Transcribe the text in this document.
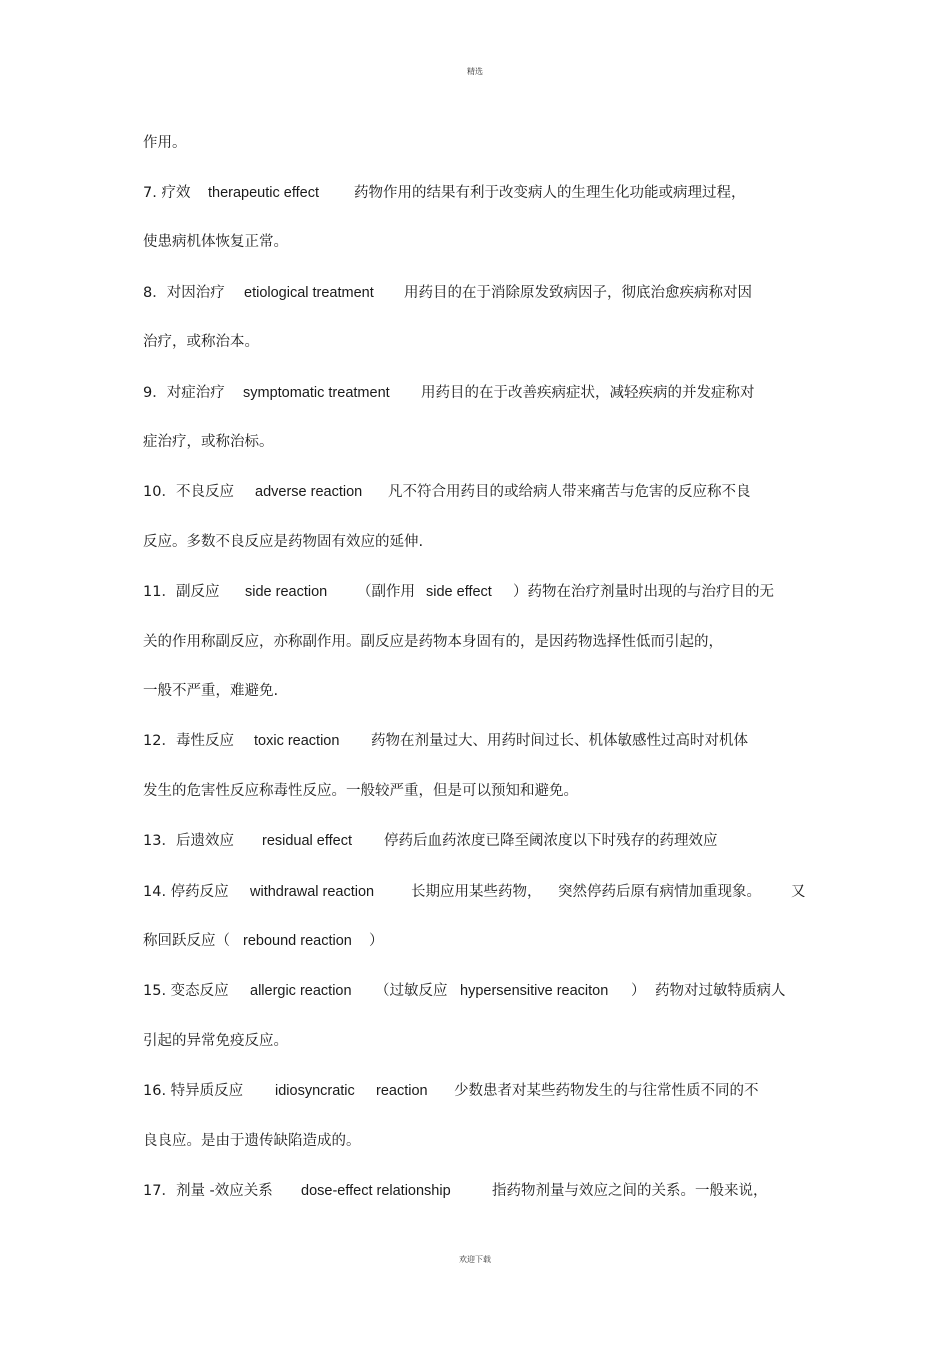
精选

作用。

7. 疗效

therapeutic effect

药物作用的结果有利于改变病人的生理生化功能或病理过程，

使患病机体恢复正常。

8．对因治疗

etiological treatment

用药目的在于消除原发致病因子，彻底治愈疾病称对因

治疗，或称治本。

9．对症治疗

symptomatic treatment

用药目的在于改善疾病症状，减轻疾病的并发症称对

症治疗，或称治标。

10．不良反应

adverse reaction

凡不符合用药目的或给病人带来痛苦与危害的反应称不良

反应。多数不良反应是药物固有效应的延伸.

11．副反应

side reaction

（副作用

side effect

）药物在治疗剂量时出现的与治疗目的无

关的作用称副反应，亦称副作用。副反应是药物本身固有的，是因药物选择性低而引起的，

一般不严重，难避免.

12．毒性反应

toxic reaction

药物在剂量过大、用药时间过长、机体敏感性过高时对机体

发生的危害性反应称毒性反应。一般较严重，但是可以预知和避免。

13．后遗效应

residual effect

停药后血药浓度已降至阈浓度以下时残存的药理效应

14. 停药反应

withdrawal reaction

	长期应用某些药物，

突然停药后原有病情加重现象。

又

称回跃反应（

rebound reaction

）

15. 变态反应

allergic reaction

（过敏反应

hypersensitive reaciton

）

药物对过敏特质病人

引起的异常免疫反应。

16. 特异质反应

idiosyncratic

reaction

少数患者对某些药物发生的与往常性质不同的不

良良应。是由于遗传缺陷造成的。

17．剂量 -效应关系

dose-effect relationship

	指药物剂量与效应之间的关系。一般来说，

欢迎下载
